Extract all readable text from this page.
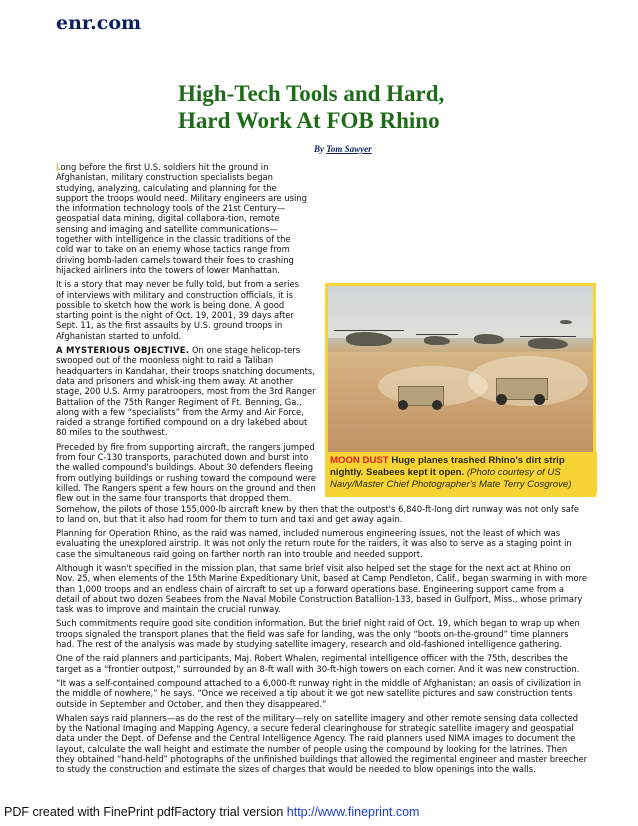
enr.com
High-Tech Tools and Hard,
Hard Work At FOB Rhino
By Tom Sawyer

Long before the first U.S. soldiers hit the ground in Afghanistan, military construction specialists began studying, analyzing, calculating and planning for the support the troops would need. Military engineers are using the information technology tools of the 21st Century—geospatial data mining, digital collabora-tion, remote sensing and imaging and satellite communications—together with intelligence in the classic traditions of the cold war to take on an enemy whose tactics range from driving bomb-laden camels toward their foes to crashing hijacked airliners into the towers of lower Manhattan.

MOON DUST Huge planes trashed Rhino's dirt strip nightly. Seabees kept it open. (Photo courtesy of US Navy/Master Chief Photographer's Mate Terry Cosgrove)

It is a story that may never be fully told, but from a series of interviews with military and construction officials, it is possible to sketch how the work is being done. A good starting point is the night of Oct. 19, 2001, 39 days after Sept. 11, as the first assaults by U.S. ground troops in Afghanistan started to unfold.

A MYSTERIOUS OBJECTIVE. On one stage helicop-ters swooped out of the moonless night to raid a Taliban headquarters in Kandahar, their troops snatching documents, data and prisoners and whisk-ing them away. At another stage, 200 U.S. Army paratroopers, most from the 3rd Ranger Battalion of the 75th Ranger Regiment of Ft. Benning, Ga., along with a few “specialists” from the Army and Air Force, raided a strange fortified compound on a dry lakebed about 80 miles to the southwest.

Preceded by fire from supporting aircraft, the rangers jumped from four C-130 transports, parachuted down and burst into the walled compound's buildings. About 30 defenders fleeing from outlying buildings or rushing toward the compound were killed. The Rangers spent a few hours on the ground and then flew out in the same four transports that dropped them. Somehow, the pilots of those 155,000-lb aircraft knew by then that the outpost's 6,840-ft-long dirt runway was not only safe to land on, but that it also had room for them to turn and taxi and get away again.

Planning for Operation Rhino, as the raid was named, included numerous engineering issues, not the least of which was evaluating the unexplored airstrip. It was not only the return route for the raiders, it was also to serve as a staging point in case the simultaneous raid going on farther north ran into trouble and needed support.

Although it wasn't specified in the mission plan, that same brief visit also helped set the stage for the next act at Rhino on Nov. 25, when elements of the 15th Marine Expeditionary Unit, based at Camp Pendleton, Calif., began swarming in with more than 1,000 troops and an endless chain of aircraft to set up a forward operations base. Engineering support came from a detail of about two dozen Seabees from the Naval Mobile Construction Batallion-133, based in Gulfport, Miss., whose primary task was to improve and maintain the crucial runway.

Such commitments require good site condition information. But the brief night raid of Oct. 19, which began to wrap up when troops signaled the transport planes that the field was safe for landing, was the only “boots on-the-ground” time planners had. The rest of the analysis was made by studying satellite imagery, research and old-fashioned intelligence gathering.

One of the raid planners and participants, Maj. Robert Whalen, regimental intelligence officer with the 75th, describes the target as a “frontier outpost,” surrounded by an 8-ft wall with 30-ft-high towers on each corner. And it was new construction.

“It was a self-contained compound attached to a 6,000-ft runway right in the middle of Afghanistan; an oasis of civilization in the middle of nowhere,” he says. “Once we received a tip about it we got new satellite pictures and saw construction tents outside in September and October, and then they disappeared.”

Whalen says raid planners—as do the rest of the military—rely on satellite imagery and other remote sensing data collected by the National Imaging and Mapping Agency, a secure federal clearinghouse for strategic satellite imagery and geospatial data under the Dept. of Defense and the Central Intelligence Agency. The raid planners used NIMA images to document the layout, calculate the wall height and estimate the number of people using the compound by looking for the latrines. Then they obtained “hand-held” photographs of the unfinished buildings that allowed the regimental engineer and master breecher to study the construction and estimate the sizes of charges that would be needed to blow openings into the walls.

PDF created with FinePrint pdfFactory trial version http://www.fineprint.com
